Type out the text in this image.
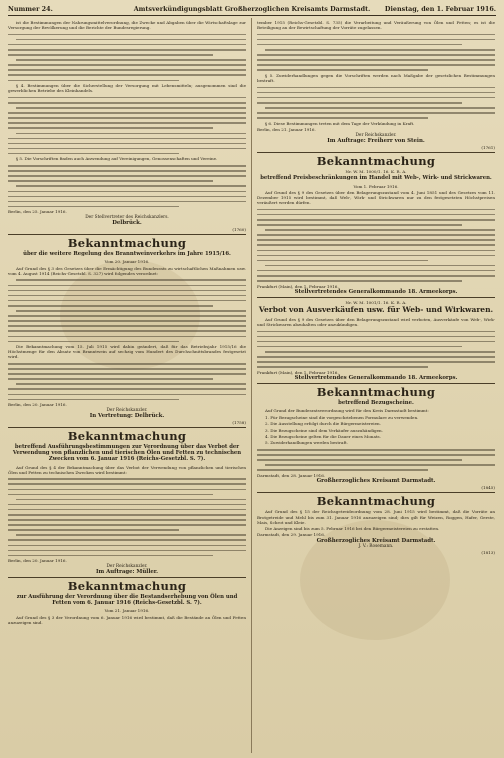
Nummer 24.	Amtsverkündigungsblatt Großherzoglichen Kreisamts Darmstadt.	Dienstag, den 1. Februar 1916.

ist die Bestimmungen der Nahrungsmittelverordnung, die Zwecke und Abgaben über die Wirtschaftslage zur Versorgung der Bevölkerung und die Berichte der Bundesregierung.

§ 4. Bestimmungen über die Sicherstellung der Versorgung mit Lebensmitteln; ausgenommen sind die gewerblichen Betriebe des Kleinhandels.

§ 5. Die Vorschriften finden auch Anwendung auf Vereinigungen, Genossenschaften und Vereine.

Berlin, den 25. Januar 1916.

Der Stellvertreter des Reichskanzlers.
Delbrück.

(1760)

Bekanntmachung
über die weitere Regelung des Branntweinverkehrs im Jahre 1915/16.

Vom 20. Januar 1916.

Auf Grund des § 3 des Gesetzes über die Ermächtigung des Bundesrats zu wirtschaftlichen Maßnahmen usw. vom 4. August 1914 (Reichs-Gesetzbl. S. 327) wird folgendes verordnet:

Die Bekanntmachung vom 15. Juli 1915 wird dahin geändert, daß für das Betriebsjahr 1915/16 die Höchstmenge für den Absatz von Branntwein auf sechzig vom Hundert des Durchschnittsbrandes festgesetzt wird.

Berlin, den 20. Januar 1916.

Der Reichskanzler.
In Vertretung: Delbrück.

(1758)

Bekanntmachung
betreffend Ausführungsbestimmungen zur Verordnung über das Verbot der Verwendung von pflanzlichen und tierischen Ölen und Fetten zu technischen Zwecken vom 6. Januar 1916 (Reichs-Gesetzbl. S. 7).

Auf Grund des § 4 der Bekanntmachung über das Verbot der Verwendung von pflanzlichen und tierischen Ölen und Fetten zu technischen Zwecken wird bestimmt:

Berlin, den 20. Januar 1916.

Der Reichskanzler.
Im Auftrage: Müller.

Bekanntmachung
zur Ausführung der Verordnung über die Bestandserhebung von Ölen und Fetten vom 6. Januar 1916 (Reichs-Gesetzbl. S. 7).

Vom 21. Januar 1916.

Auf Grund des § 3 der Verordnung vom 6. Januar 1916 wird bestimmt, daß die Bestände an Ölen und Fetten anzuzeigen sind.

tember 1915 (Reichs-Gesetzbl. S. 735) die Verarbeitung und Veräußerung von Ölen und Fetten; es ist die Beteiligung an der Bewirtschaftung der Vorräte zugelassen.

§ 5. Zuwiderhandlungen gegen die Vorschriften werden nach Maßgabe der gesetzlichen Bestimmungen bestraft.

§ 6. Diese Bestimmungen treten mit dem Tage der Verkündung in Kraft.

Berlin, den 21. Januar 1916.

Der Reichskanzler.
Im Auftrage: Freiherr von Stein.

(1761)

Bekanntmachung

Nr. W. M. 1000/1. 16. K. R. A.

betreffend Preisbeschränkungen im Handel mit Web-, Wirk- und Strickwaren.

Vom 1. Februar 1916.

Auf Grund des § 9 des Gesetzes über den Belagerungszustand vom 4. Juni 1851 und des Gesetzes vom 11. Dezember 1915 wird bestimmt, daß Web-, Wirk- und Strickwaren nur zu den festgesetzten Höchstpreisen veräußert werden dürfen.

Frankfurt (Main), den 1. Februar 1916.

Stellvertretendes Generalkommando 18. Armeekorps.

Nr. W. M. 1001/1. 16. K. R. A.

Verbot von Ausverkäufen usw. für Web- und Wirkwaren.

Auf Grund des § 9 des Gesetzes über den Belagerungszustand wird verboten, Ausverkäufe von Web-, Wirk- und Strickwaren abzuhalten oder anzukündigen.

Frankfurt (Main), den 1. Februar 1916.

Stellvertretendes Generalkommando 18. Armeekorps.

Bekanntmachung
betreffend Bezugscheine.

Auf Grund der Bundesratsverordnung wird für den Kreis Darmstadt bestimmt:

1. Für Bezugscheine sind die vorgeschriebenen Formulare zu verwenden.

2. Die Ausstellung erfolgt durch die Bürgermeistereien.

3. Die Bezugscheine sind dem Verkäufer auszuhändigen.

4. Die Bezugscheine gelten für die Dauer eines Monats.

5. Zuwiderhandlungen werden bestraft.

Darmstadt, den 28. Januar 1916.

Großherzogliches Kreisamt Darmstadt.

(1845)

Bekanntmachung

Auf Grund des § 15 der Reichsgetreideordnung vom 28. Juni 1915 wird bestimmt, daß die Vorräte an Brotgetreide und Mehl bis zum 31. Januar 1916 anzuzeigen sind; dies gilt für Weizen, Roggen, Hafer, Gerste, Mais, Schrot und Kleie.

Die Anzeigen sind bis zum 5. Februar 1916 bei den Bürgermeistereien zu erstatten.

Darmstadt, den 29. Januar 1916.

Großherzogliches Kreisamt Darmstadt.
J. V.: Rosemann.

(1813)
